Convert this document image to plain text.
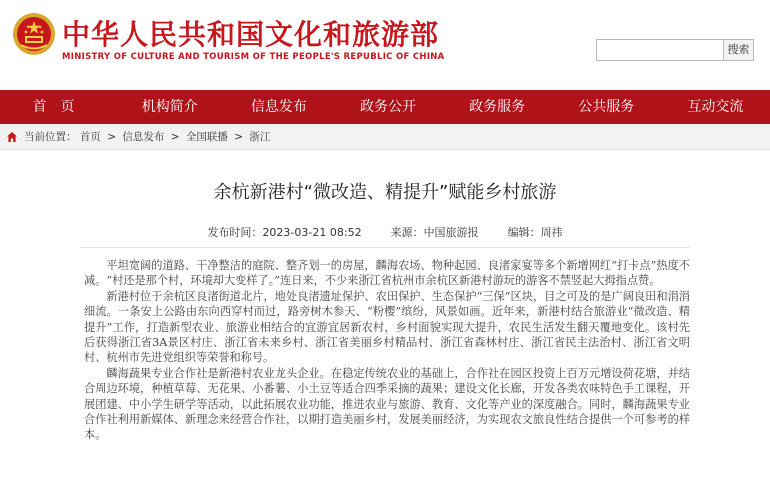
中华人民共和国文化和旅游部
MINISTRY OF CULTURE AND TOURISM OF THE PEOPLE'S REPUBLIC OF CHINA
搜索
首页	机构简介	信息发布	政务公开	政务服务	公共服务	互动交流
当前位置： 首页 > 信息发布 > 全国联播 > 浙江
余杭新港村“微改造、精提升”赋能乡村旅游
发布时间：2023-03-21 08:52	来源：中国旅游报	编辑：周祎

平坦宽阔的道路、干净整洁的庭院、整齐划一的房屋，麟海农场、物种起园、良渚家宴等多个新增网红“打卡点”热度不减。“村还是那个村，环境却大变样了。”连日来，不少来浙江省杭州市余杭区新港村游玩的游客不禁竖起大拇指点赞。

新港村位于余杭区良渚街道北片，地处良渚遗址保护、农田保护、生态保护“三保”区块，目之可及的是广阔良田和涓涓细流。一条安上公路由东向西穿村而过，路旁树木参天、“粉樱”缤纷，风景如画。近年来，新港村结合旅游业“微改造、精提升”工作，打造新型农业、旅游业相结合的宜游宜居新农村，乡村面貌实现大提升，农民生活发生翻天覆地变化。该村先后获得浙江省3A景区村庄、浙江省未来乡村、浙江省美丽乡村精品村、浙江省森林村庄、浙江省民主法治村、浙江省文明村、杭州市先进党组织等荣誉和称号。

麟海蔬果专业合作社是新港村农业龙头企业。在稳定传统农业的基础上，合作社在园区投资上百万元增设荷花塘，并结合周边环境，种植草莓、无花果、小番薯、小土豆等适合四季采摘的蔬果；建设文化长廊，开发各类农味特色手工课程，开展团建、中小学生研学等活动，以此拓展农业功能，推进农业与旅游、教育、文化等产业的深度融合。同时，麟海蔬果专业合作社利用新媒体、新理念来经营合作社，以期打造美丽乡村，发展美丽经济，为实现农文旅良性结合提供一个可参考的样本。
